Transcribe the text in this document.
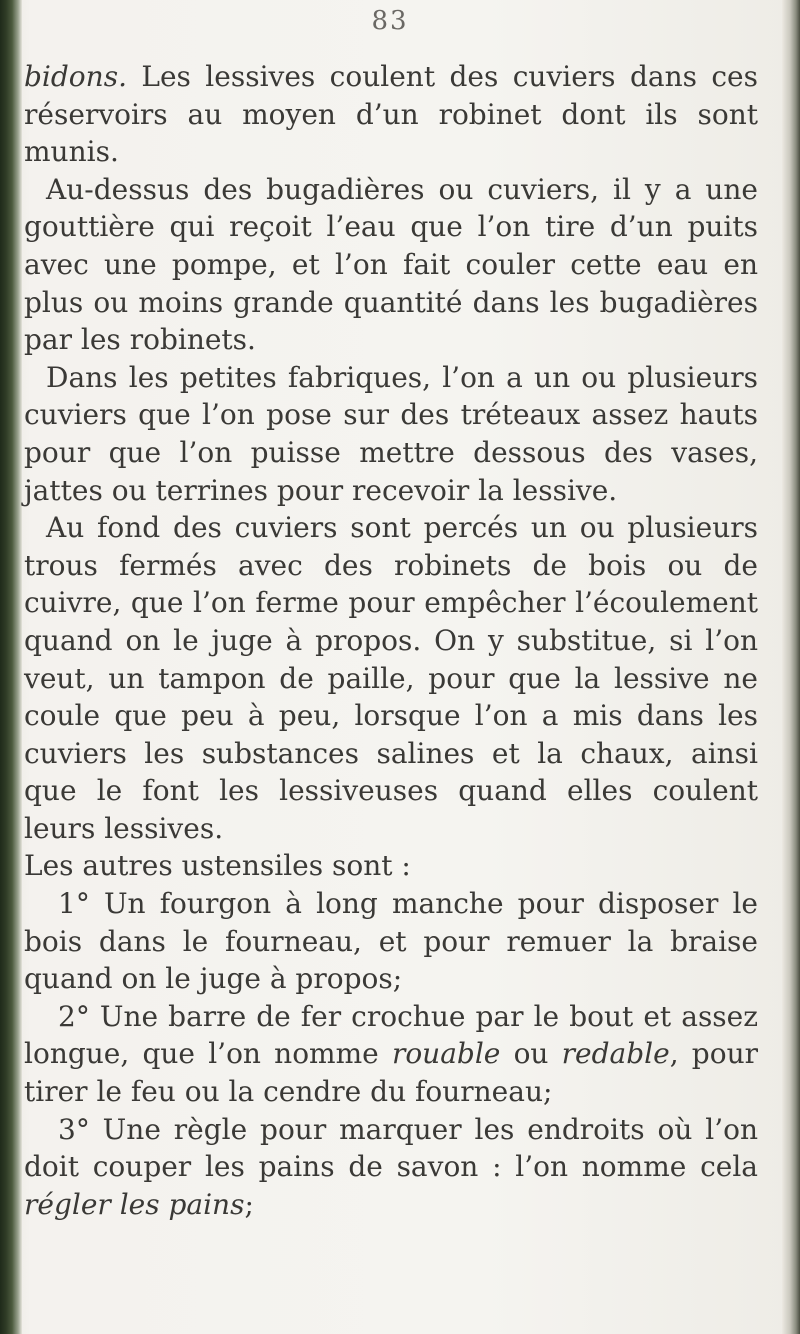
83

bidons. Les lessives coulent des cuviers dans ces réservoirs au moyen d’un robinet dont ils sont munis.

Au-dessus des bugadières ou cuviers, il y a une gouttière qui reçoit l’eau que l’on tire d’un puits avec une pompe, et l’on fait couler cette eau en plus ou moins grande quantité dans les bugadières par les robinets.

Dans les petites fabriques, l’on a un ou plusieurs cuviers que l’on pose sur des tréteaux assez hauts pour que l’on puisse mettre dessous des vases, jattes ou terrines pour recevoir la lessive.

Au fond des cuviers sont percés un ou plusieurs trous fermés avec des robinets de bois ou de cuivre, que l’on ferme pour empêcher l’écoulement quand on le juge à propos. On y substitue, si l’on veut, un tampon de paille, pour que la lessive ne coule que peu à peu, lorsque l’on a mis dans les cuviers les substances salines et la chaux, ainsi que le font les lessiveuses quand elles coulent leurs lessives.

Les autres ustensiles sont :

1° Un fourgon à long manche pour disposer le bois dans le fourneau, et pour remuer la braise quand on le juge à propos;

2° Une barre de fer crochue par le bout et assez longue, que l’on nomme rouable ou redable, pour tirer le feu ou la cendre du fourneau;

3° Une règle pour marquer les endroits où l’on doit couper les pains de savon : l’on nomme cela régler les pains;
